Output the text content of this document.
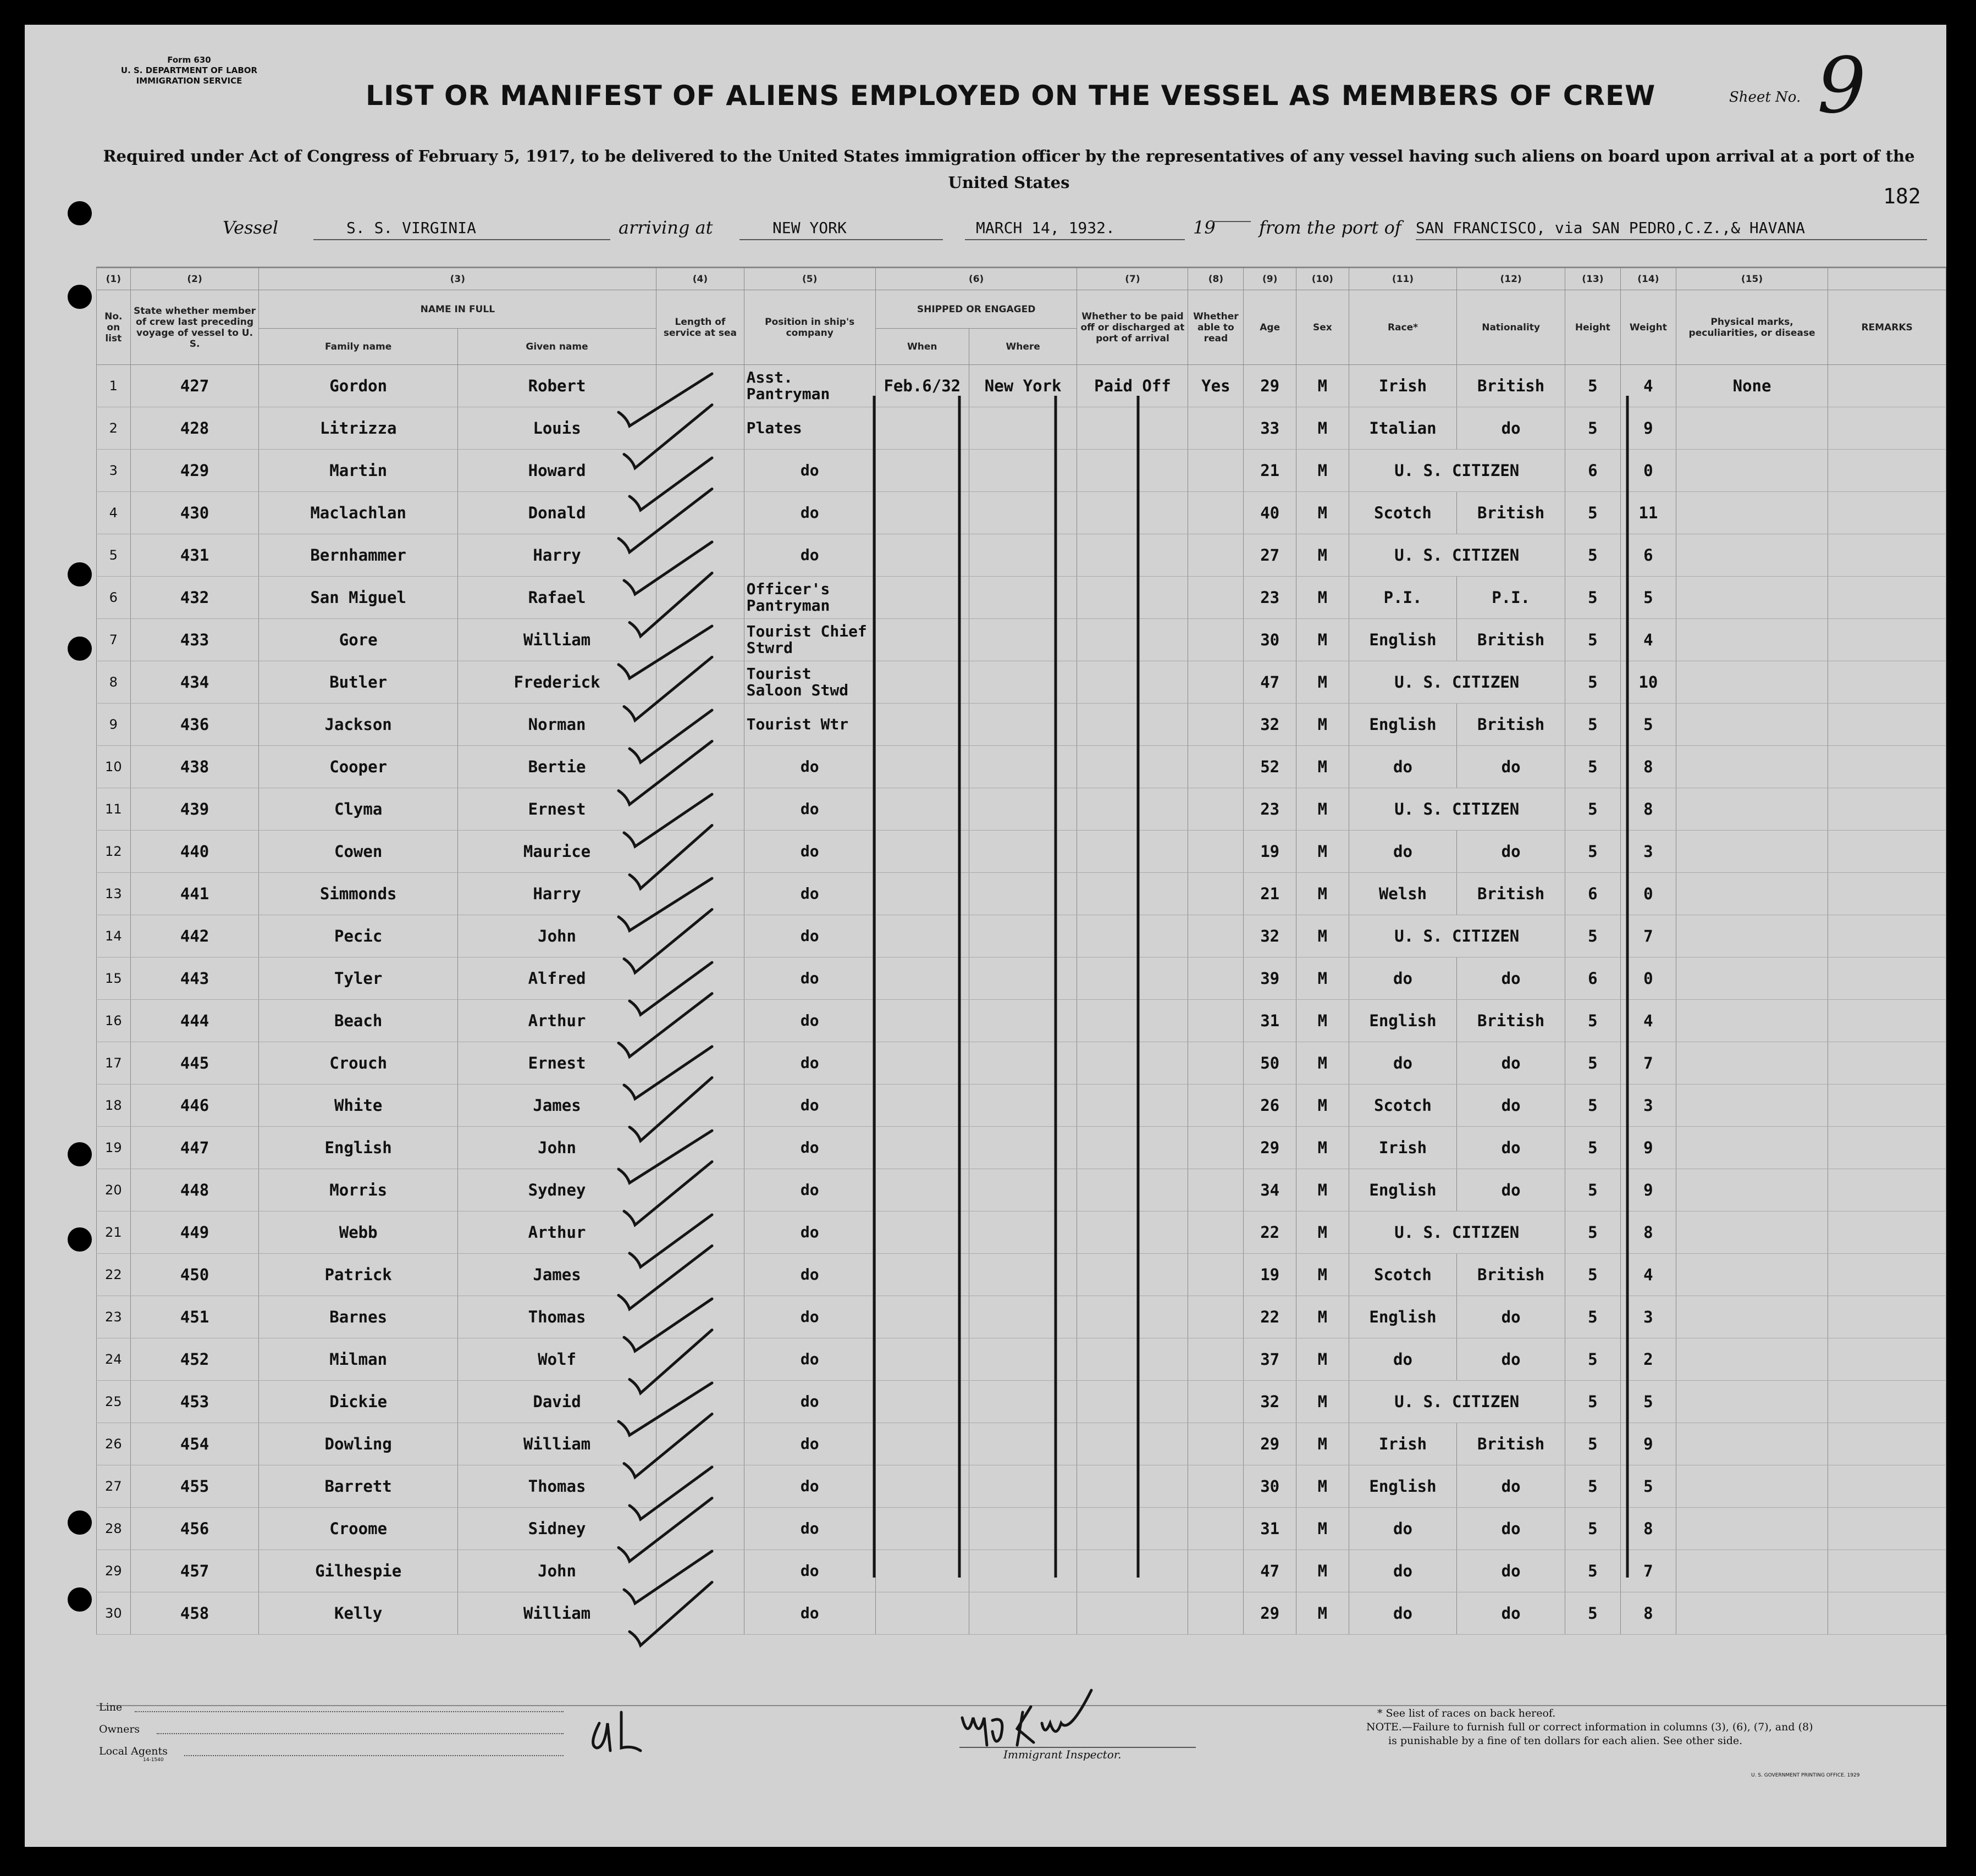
Form 630
U. S. DEPARTMENT OF LABOR
IMMIGRATION SERVICE	LIST OR MANIFEST OF ALIENS EMPLOYED ON THE VESSEL AS MEMBERS OF CREW	Sheet No. 9
182
Required under Act of Congress of February 5, 1917, to be delivered to the United States immigration officer by the representatives of any vessel having such aliens on board upon arrival at a port of the United States
Vessel	S. S. VIRGINIA	arriving at	NEW YORK	MARCH 14, 1932.	19 from the port of SAN FRANCISCO, via SAN PEDRO,C.Z.,& HAVANA
(1)	(2)	(3)		(4)	(5)	(6)		(7)	(8)	(9)	(10)	(11)	(12)	(13)	(14)	(15)	
No. on list	State whether member of crew last preceding voyage of vessel to U. S.	NAME IN FULL		Length of service at sea	Position in ship's company	SHIPPED OR ENGAGED		Whether to be paid off or discharged at port of arrival	Whether able to read	Age	Sex	Race*	Nationality	Height	Weight	Physical marks, peculiarities, or disease	REMARKS
		Family name	Given name			When	Where										
1	427	Gordon	Robert		Asst. Pantryman	Feb.6/32	New York	Paid Off	Yes	29	M	Irish	British	5	4	None	
2	428	Litrizza	Louis		Plates					33	M	Italian	do	5	9		
3	429	Martin	Howard		do					21	M	U. S. CITIZEN		6	0		
4	430	Maclachlan	Donald		do					40	M	Scotch	British	5	11		
5	431	Bernhammer	Harry		do					27	M	U. S. CITIZEN		5	6		
6	432	San Miguel	Rafael		Officer's Pantryman					23	M	P.I.	P.I.	5	5		
7	433	Gore	William		Tourist Chief Stwrd					30	M	English	British	5	4		
8	434	Butler	Frederick		Tourist Saloon Stwd					47	M	U. S. CITIZEN		5	10		
9	436	Jackson	Norman		Tourist Wtr					32	M	English	British	5	5		
10	438	Cooper	Bertie		do					52	M	do	do	5	8		
11	439	Clyma	Ernest		do					23	M	U. S. CITIZEN		5	8		
12	440	Cowen	Maurice		do					19	M	do	do	5	3		
13	441	Simmonds	Harry		do					21	M	Welsh	British	6	0		
14	442	Pecic	John		do					32	M	U. S. CITIZEN		5	7		
15	443	Tyler	Alfred		do					39	M	do	do	6	0		
16	444	Beach	Arthur		do					31	M	English	British	5	4		
17	445	Crouch	Ernest		do					50	M	do	do	5	7		
18	446	White	James		do					26	M	Scotch	do	5	3		
19	447	English	John		do					29	M	Irish	do	5	9		
20	448	Morris	Sydney		do					34	M	English	do	5	9		
21	449	Webb	Arthur		do					22	M	U. S. CITIZEN		5	8		
22	450	Patrick	James		do					19	M	Scotch	British	5	4		
23	451	Barnes	Thomas		do					22	M	English	do	5	3		
24	452	Milman	Wolf		do					37	M	do	do	5	2		
25	453	Dickie	David		do					32	M	U. S. CITIZEN		5	5		
26	454	Dowling	William		do					29	M	Irish	British	5	9		
27	455	Barrett	Thomas		do					30	M	English	do	5	5		
28	456	Croome	Sidney		do					31	M	do	do	5	8		
29	457	Gilhespie	John		do					47	M	do	do	5	7		
30	458	Kelly	William		do					29	M	do	do	5	8		
Line
Owners
Local Agents
14-1540	Immigrant Inspector.
* See list of races on back hereof.
NOTE.—Failure to furnish full or correct information in columns (3), (6), (7), and (8)
is punishable by a fine of ten dollars for each alien. See other side.
U. S. GOVERNMENT PRINTING OFFICE. 1929
